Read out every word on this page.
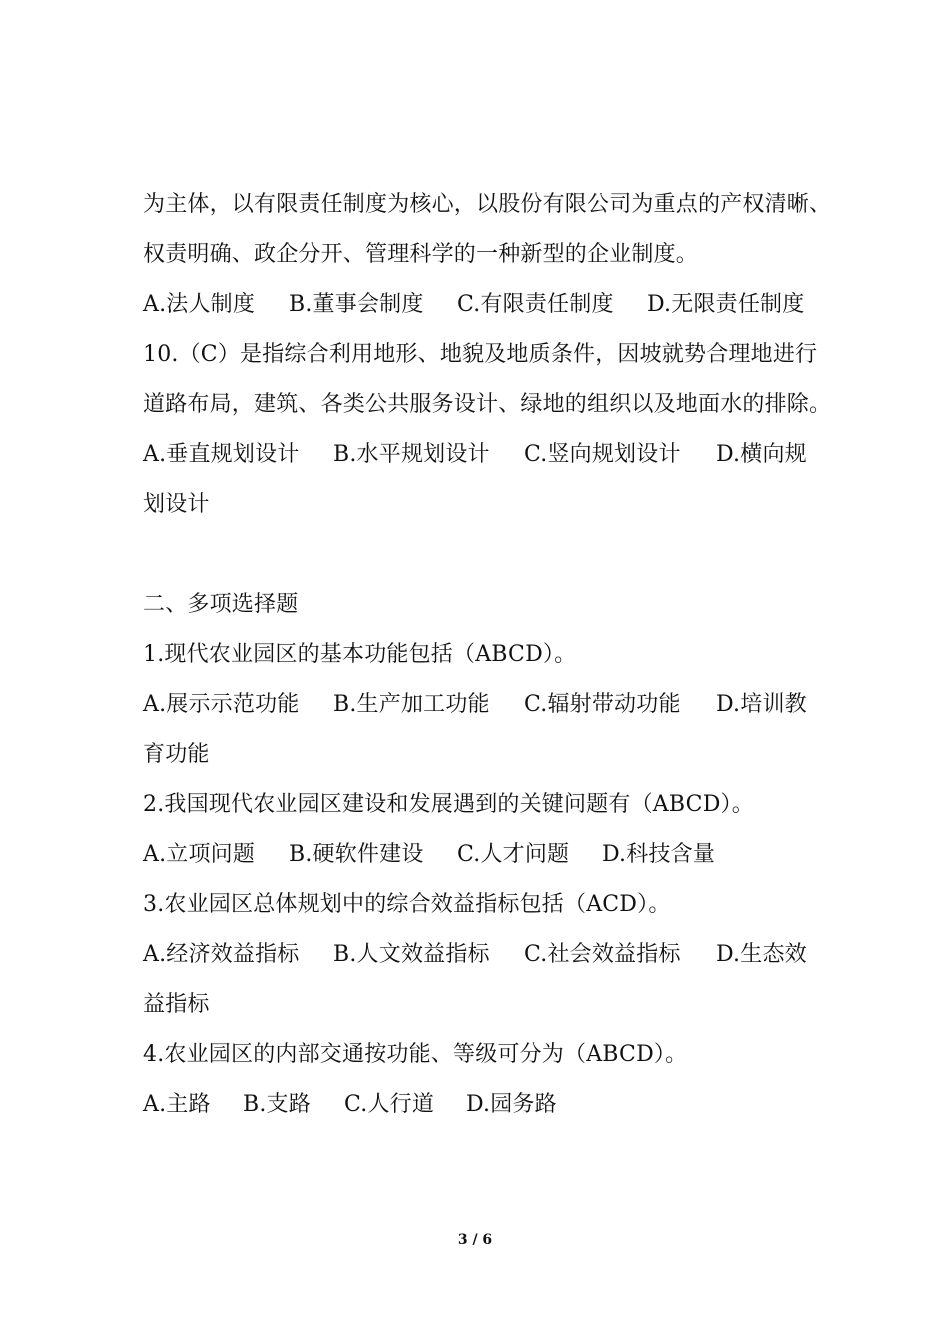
为主体，以有限责任制度为核心，以股份有限公司为重点的产权清晰、
权责明确、政企分开、管理科学的一种新型的企业制度。
A.法人制度 B.董事会制度 C.有限责任制度 D.无限责任制度
10.（C）是指综合利用地形、地貌及地质条件，因坡就势合理地进行
道路布局，建筑、各类公共服务设计、绿地的组织以及地面水的排除。
A.垂直规划设计 B.水平规划设计 C.竖向规划设计 D.横向规
划设计
二、多项选择题
1.现代农业园区的基本功能包括（ABCD）。
A.展示示范功能 B.生产加工功能 C.辐射带动功能 D.培训教
育功能
2.我国现代农业园区建设和发展遇到的关键问题有（ABCD）。
A.立项问题 B.硬软件建设 C.人才问题 D.科技含量
3.农业园区总体规划中的综合效益指标包括（ACD）。
A.经济效益指标 B.人文效益指标 C.社会效益指标 D.生态效
益指标
4.农业园区的内部交通按功能、等级可分为（ABCD）。
A.主路 B.支路 C.人行道 D.园务路
3 / 6
